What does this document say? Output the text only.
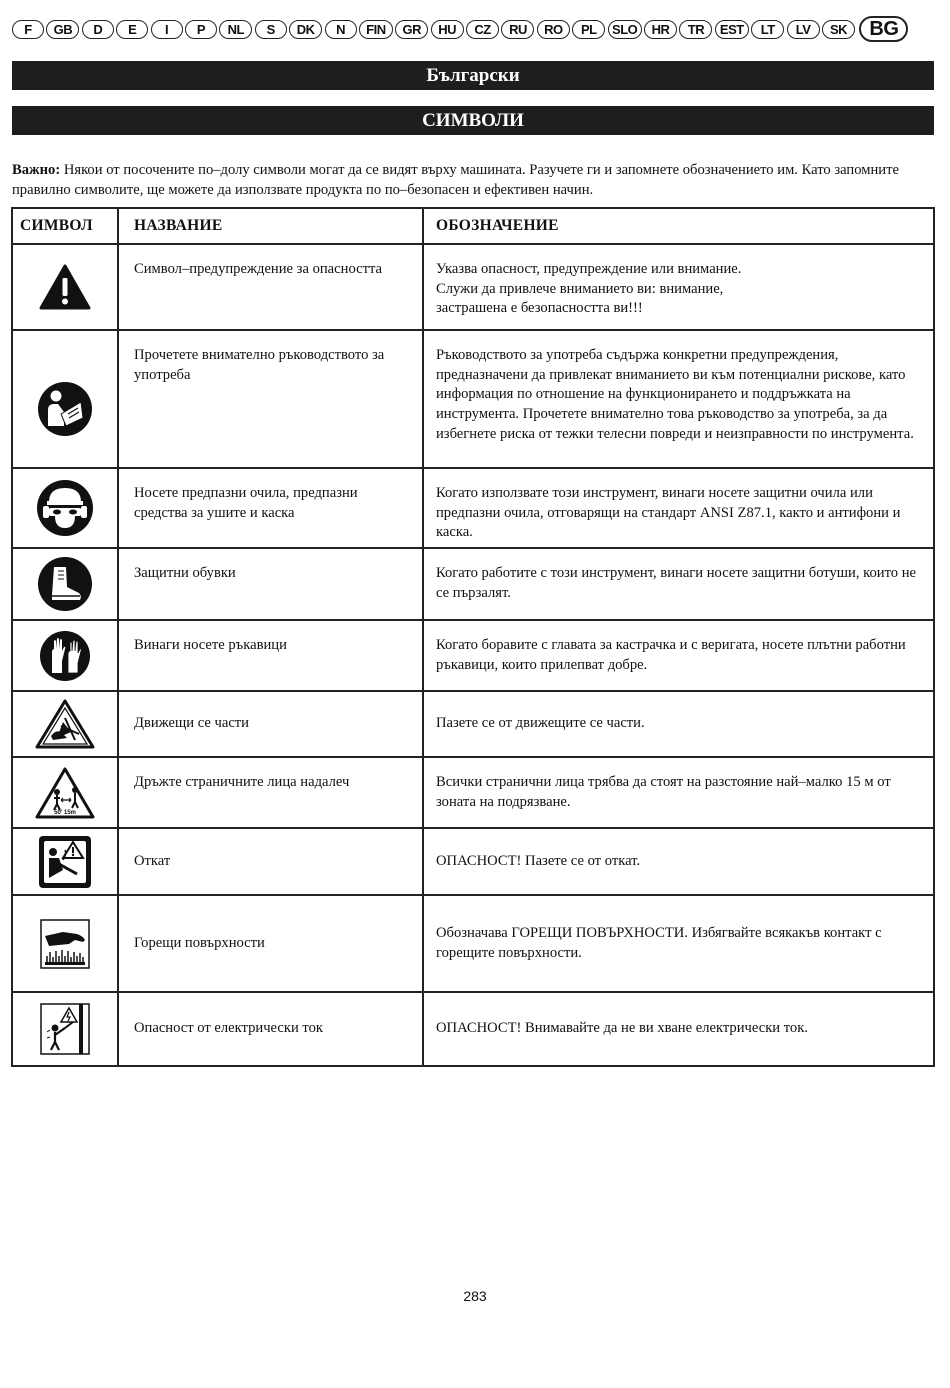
F	GB	D	E	I	P	NL	S	DK	N	FIN	GR	HU	CZ	RU	RO	PL	SLO	HR	TR	EST	LT	LV	SK	BG
Български
СИМВОЛИ
Важно: Някои от посочените по–долу символи могат да се видят върху машината. Разучете ги и запомнете обозначението им. Като запомните правилно символите, ще можете да използвате продукта по по–безопасен и ефективен начин.
СИМВОЛ	НАЗВАНИЕ	ОБОЗНАЧЕНИЕ

	Символ–предупреждение за опасността	Указва опасност, предупреждение или внимание.
Служи да привлече вниманието ви: внимание,
застрашена е безопасността ви!!!

	Прочетете внимателно ръководството за употреба	Ръководството за употреба съдържа конкретни предупреждения, предназначени да привлекат вниманието ви към потенциални рискове, като информация по отношение на функционирането и поддръжката на инструмента. Прочетете внимателно това ръководство за употреба, за да избегнете риска от тежки телесни повреди и неизправности по инструмента.

	Носете предпазни очила, предпазни средства за ушите и каска	Когато използвате този инструмент, винаги носете защитни очила или предпазни очила, отговарящи на стандарт ANSI Z87.1, както и антифони и каска.

	Защитни обувки	Когато работите с този инструмент, винаги носете защитни ботуши, които не се пързалят.

	Винаги носете ръкавици	Когато боравите с главата за кастрачка и с веригата, носете плътни работни ръкавици, които прилепват добре.

	Движещи се части	Пазете се от движещите се части.

50' 15m	Дръжте страничните лица надалеч	Всички странични лица трябва да стоят на разстояние най–малко 15 м от зоната на подрязване.

	Откат	ОПАСНОСТ! Пазете се от откат.

	Горещи повърхности	Обозначава ГОРЕЩИ ПОВЪРХНОСТИ. Избягвайте всякакъв контакт с горещите повърхности.

	Опасност от електрически ток	ОПАСНОСТ! Внимавайте да не ви хване електрически ток.
283
